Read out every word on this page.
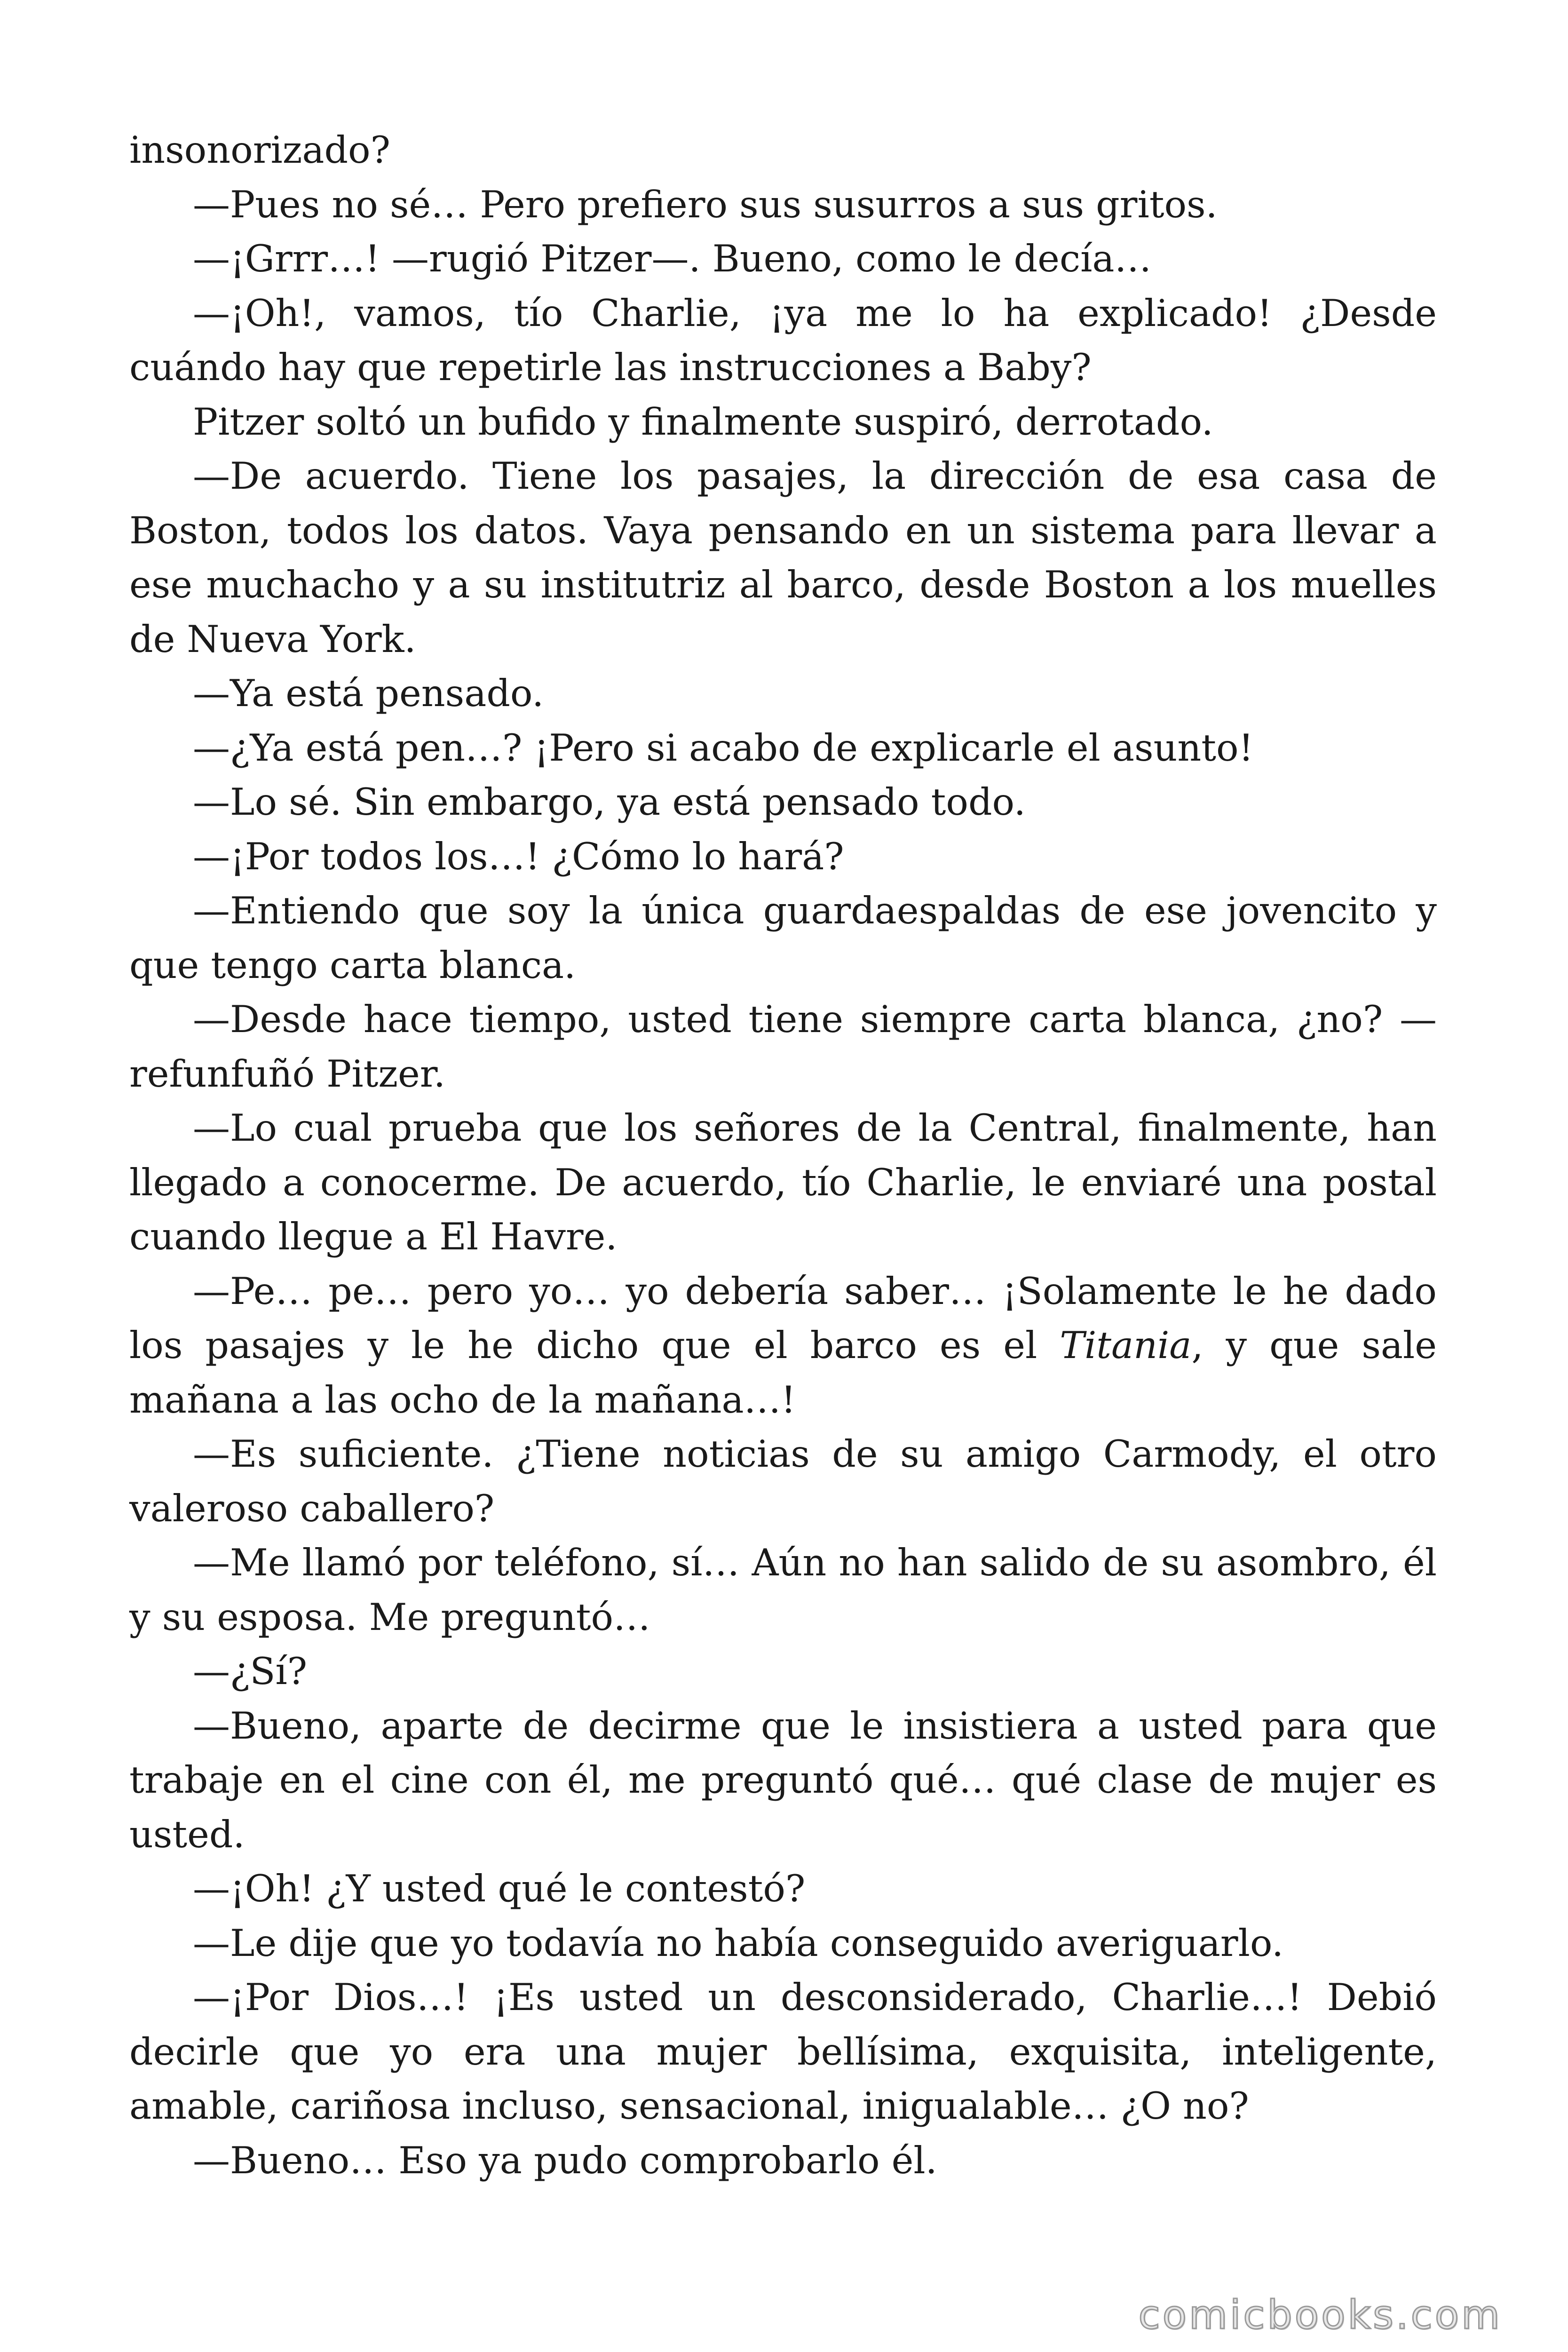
insonorizado?

—Pues no sé… Pero prefiero sus susurros a sus gritos.

—¡Grrr…! —rugió Pitzer—. Bueno, como le decía…

—¡Oh!, vamos, tío Charlie, ¡ya me lo ha explicado! ¿Desde cuándo hay que repetirle las instrucciones a Baby?

Pitzer soltó un bufido y finalmente suspiró, derrotado.

—De acuerdo. Tiene los pasajes, la dirección de esa casa de Boston, todos los datos. Vaya pensando en un sistema para llevar a ese muchacho y a su institutriz al barco, desde Boston a los muelles de Nueva York.

—Ya está pensado.

—¿Ya está pen…? ¡Pero si acabo de explicarle el asunto!

—Lo sé. Sin embargo, ya está pensado todo.

—¡Por todos los…! ¿Cómo lo hará?

—Entiendo que soy la única guardaespaldas de ese jovencito y que tengo carta blanca.

—Desde hace tiempo, usted tiene siempre carta blanca, ¿no? —refunfuñó Pitzer.

—Lo cual prueba que los señores de la Central, finalmente, han llegado a conocerme. De acuerdo, tío Charlie, le enviaré una postal cuando llegue a El Havre.

—Pe… pe… pero yo… yo debería saber… ¡Solamente le he dado los pasajes y le he dicho que el barco es el Titania, y que sale mañana a las ocho de la mañana…!

—Es suficiente. ¿Tiene noticias de su amigo Carmody, el otro valeroso caballero?

—Me llamó por teléfono, sí… Aún no han salido de su asombro, él y su esposa. Me preguntó…

—¿Sí?

—Bueno, aparte de decirme que le insistiera a usted para que trabaje en el cine con él, me preguntó qué… qué clase de mujer es usted.

—¡Oh! ¿Y usted qué le contestó?

—Le dije que yo todavía no había conseguido averiguarlo.

—¡Por Dios…! ¡Es usted un desconsiderado, Charlie…! Debió decirle que yo era una mujer bellísima, exquisita, inteligente, amable, cariñosa incluso, sensacional, inigualable… ¿O no?

—Bueno… Eso ya pudo comprobarlo él.

comicbooks.com
